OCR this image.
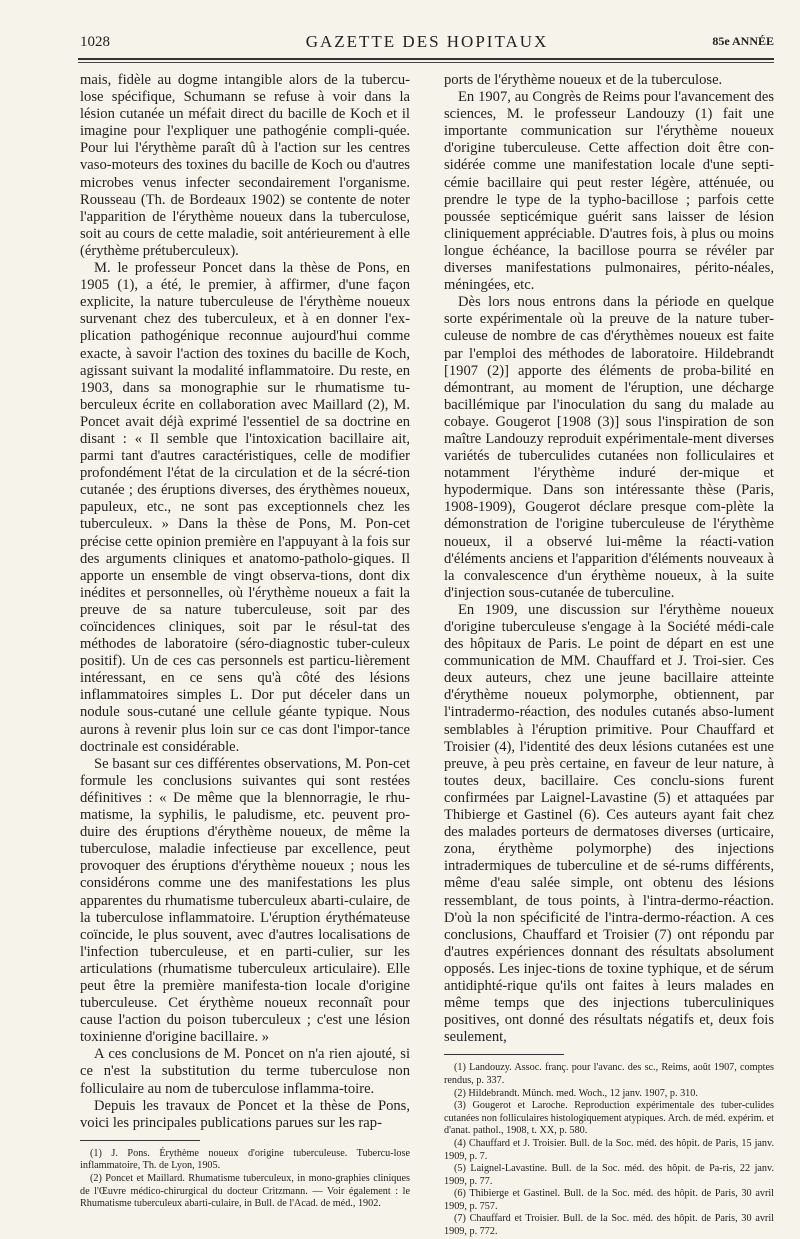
1028	GAZETTE DES HOPITAUX	85e ANNÉE

mais, fidèle au dogme intangible alors de la tubercu-lose spécifique, Schumann se refuse à voir dans la lésion cutanée un méfait direct du bacille de Koch et il imagine pour l'expliquer une pathogénie compli-quée. Pour lui l'érythème paraît dû à l'action sur les centres vaso-moteurs des toxines du bacille de Koch ou d'autres microbes venus infecter secondairement l'organisme. Rousseau (Th. de Bordeaux 1902) se contente de noter l'apparition de l'érythème noueux dans la tuberculose, soit au cours de cette maladie, soit antérieurement à elle (érythème prétuberculeux).

M. le professeur Poncet dans la thèse de Pons, en 1905 (1), a été, le premier, à affirmer, d'une façon explicite, la nature tuberculeuse de l'érythème noueux survenant chez des tuberculeux, et à en donner l'ex-plication pathogénique reconnue aujourd'hui comme exacte, à savoir l'action des toxines du bacille de Koch, agissant suivant la modalité inflammatoire. Du reste, en 1903, dans sa monographie sur le rhumatisme tu-berculeux écrite en collaboration avec Maillard (2), M. Poncet avait déjà exprimé l'essentiel de sa doctrine en disant : « Il semble que l'intoxication bacillaire ait, parmi tant d'autres caractéristiques, celle de modifier profondément l'état de la circulation et de la sécré-tion cutanée ; des éruptions diverses, des érythèmes noueux, papuleux, etc., ne sont pas exceptionnels chez les tuberculeux. » Dans la thèse de Pons, M. Pon-cet précise cette opinion première en l'appuyant à la fois sur des arguments cliniques et anatomo-patholo-giques. Il apporte un ensemble de vingt observa-tions, dont dix inédites et personnelles, où l'érythème noueux a fait la preuve de sa nature tuberculeuse, soit par des coïncidences cliniques, soit par le résul-tat des méthodes de laboratoire (séro-diagnostic tuber-culeux positif). Un de ces cas personnels est particu-lièrement intéressant, en ce sens qu'à côté des lésions inflammatoires simples L. Dor put déceler dans un nodule sous-cutané une cellule géante typique. Nous aurons à revenir plus loin sur ce cas dont l'impor-tance doctrinale est considérable.

Se basant sur ces différentes observations, M. Pon-cet formule les conclusions suivantes qui sont restées définitives : « De même que la blennorragie, le rhu-matisme, la syphilis, le paludisme, etc. peuvent pro-duire des éruptions d'érythème noueux, de même la tuberculose, maladie infectieuse par excellence, peut provoquer des éruptions d'érythème noueux ; nous les considérons comme une des manifestations les plus apparentes du rhumatisme tuberculeux abarti-culaire, de la tuberculose inflammatoire. L'éruption érythémateuse coïncide, le plus souvent, avec d'autres localisations de l'infection tuberculeuse, et en parti-culier, sur les articulations (rhumatisme tuberculeux articulaire). Elle peut être la première manifesta-tion locale d'origine tuberculeuse. Cet érythème noueux reconnaît pour cause l'action du poison tuberculeux ; c'est une lésion toxinienne d'origine bacillaire. »

A ces conclusions de M. Poncet on n'a rien ajouté, si ce n'est la substitution du terme tuberculose non folliculaire au nom de tuberculose inflamma-toire.

Depuis les travaux de Poncet et la thèse de Pons, voici les principales publications parues sur les rap-

(1) J. Pons. Érythème noueux d'origine tuberculeuse. Tubercu-lose inflammatoire, Th. de Lyon, 1905.

(2) Poncet et Maillard. Rhumatisme tuberculeux, in mono-graphies cliniques de l'Œuvre médico-chirurgical du docteur Critzmann. — Voir également : le Rhumatisme tuberculeux abarti-culaire, in Bull. de l'Acad. de méd., 1902.

ports de l'érythème noueux et de la tuberculose.

En 1907, au Congrès de Reims pour l'avancement des sciences, M. le professeur Landouzy (1) fait une importante communication sur l'érythème noueux d'origine tuberculeuse. Cette affection doit être con-sidérée comme une manifestation locale d'une septi-cémie bacillaire qui peut rester légère, atténuée, ou prendre le type de la typho-bacillose ; parfois cette poussée septicémique guérit sans laisser de lésion cliniquement appréciable. D'autres fois, à plus ou moins longue échéance, la bacillose pourra se révéler par diverses manifestations pulmonaires, périto-néales, méningées, etc.

Dès lors nous entrons dans la période en quelque sorte expérimentale où la preuve de la nature tuber-culeuse de nombre de cas d'érythèmes noueux est faite par l'emploi des méthodes de laboratoire. Hildebrandt [1907 (2)] apporte des éléments de proba-bilité en démontrant, au moment de l'éruption, une décharge bacillémique par l'inoculation du sang du malade au cobaye. Gougerot [1908 (3)] sous l'inspiration de son maître Landouzy reproduit expérimentale-ment diverses variétés de tuberculides cutanées non folliculaires et notamment l'érythème induré der-mique et hypodermique. Dans son intéressante thèse (Paris, 1908-1909), Gougerot déclare presque com-plète la démonstration de l'origine tuberculeuse de l'érythème noueux, il a observé lui-même la réacti-vation d'éléments anciens et l'apparition d'éléments nouveaux à la convalescence d'un érythème noueux, à la suite d'injection sous-cutanée de tuberculine.

En 1909, une discussion sur l'érythème noueux d'origine tuberculeuse s'engage à la Société médi-cale des hôpitaux de Paris. Le point de départ en est une communication de MM. Chauffard et J. Troi-sier. Ces deux auteurs, chez une jeune bacillaire atteinte d'érythème noueux polymorphe, obtiennent, par l'intradermo-réaction, des nodules cutanés abso-lument semblables à l'éruption primitive. Pour Chauffard et Troisier (4), l'identité des deux lésions cutanées est une preuve, à peu près certaine, en faveur de leur nature, à toutes deux, bacillaire. Ces conclu-sions furent confirmées par Laignel-Lavastine (5) et attaquées par Thibierge et Gastinel (6). Ces auteurs ayant fait chez des malades porteurs de dermatoses diverses (urticaire, zona, érythème polymorphe) des injections intradermiques de tuberculine et de sé-rums différents, même d'eau salée simple, ont obtenu des lésions ressemblant, de tous points, à l'intra-dermo-réaction. D'où la non spécificité de l'intra-dermo-réaction. A ces conclusions, Chauffard et Troisier (7) ont répondu par d'autres expériences donnant des résultats absolument opposés. Les injec-tions de toxine typhique, et de sérum antidiphté-rique qu'ils ont faites à leurs malades en même temps que des injections tuberculiniques positives, ont donné des résultats négatifs et, deux fois seulement,

(1) Landouzy. Assoc. franç. pour l'avanc. des sc., Reims, août 1907, comptes rendus, p. 337.

(2) Hildebrandt. Münch. med. Woch., 12 janv. 1907, p. 310.

(3) Gougerot et Laroche. Reproduction expérimentale des tuber-culides cutanées non folliculaires histologiquement atypiques. Arch. de méd. expérim. et d'anat. pathol., 1908, t. XX, p. 580.

(4) Chauffard et J. Troisier. Bull. de la Soc. méd. des hôpit. de Paris, 15 janv. 1909, p. 7.

(5) Laignel-Lavastine. Bull. de la Soc. méd. des hôpit. de Pa-ris, 22 janv. 1909, p. 77.

(6) Thibierge et Gastinel. Bull. de la Soc. méd. des hôpit. de Paris, 30 avril 1909, p. 757.

(7) Chauffard et Troisier. Bull. de la Soc. méd. des hôpit. de Paris, 30 avril 1909, p. 772.
